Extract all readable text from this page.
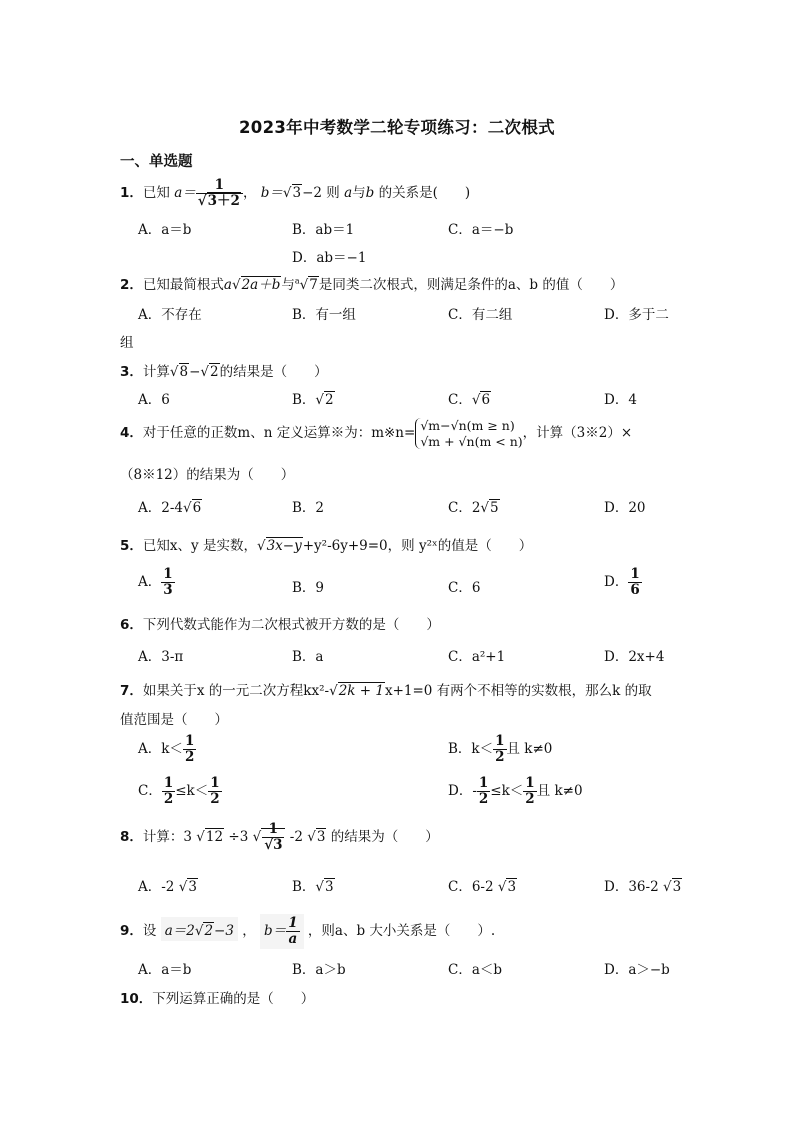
2023年中考数学二轮专项练习：二次根式
一、单选题
1．已知 $a= \frac{1}{√3+2}$ ， b＝√3−2 则 a与b 的关系是(　　)
A．a＝b	B．ab＝1	C．a＝−b
D．ab＝−1
2．已知最简根式a√2a＋b与$^a$√7是同类二次根式，则满足条件的a、b 的值（　　）
A．不存在	B．有一组	C．有二组	D．多于二
组
3．计算√8−√2的结果是（　　）
A．6	B．√2	C．√6	D．4
4．对于任意的正数m、n 定义运算※为：m※n= √m−√n(m ≥ n)
√m + √n(m < n) ，计算（3※2）×
（8※12）的结果为（　　）
A．2-4√6	B．2	C．2√5	D．20
5．已知x、y 是实数，√3x−y+y²-6y+9=0，则 y²ˣ的值是（　　）
A． $\frac{1}{3}$	B．9	C．6	D． $\frac{1}{6}$
6．下列代数式能作为二次根式被开方数的是（　　）
A．3-π	B．a	C．a²+1	D．2x+4
7．如果关于x 的一元二次方程kx²-√2k + 1x+1=0 有两个不相等的实数根，那么k 的取
值范围是（　　）
A．$k< \frac{1}{2}$	B．$k< \frac{1}{2}$ 且 k≠0
C． $\frac{1}{2} \le k< \frac{1}{2}$	D．- $\frac{1}{2} \le k< \frac{1}{2}$ 且 k≠0
8．计算：3 √12 ÷3 √ $\frac{1}{√3} -2$ √3 的结果为（　　）
A．-2 √3	B．√3	C．6-2 √3	D．36-2 √3
9．设 a＝2√2−3 ， $b= \frac{1}{a}$ ，则a、b 大小关系是（　　）.
A．a＝b	B．a＞b	C．a＜b	D．a＞−b
10．下列运算正确的是（　　）
